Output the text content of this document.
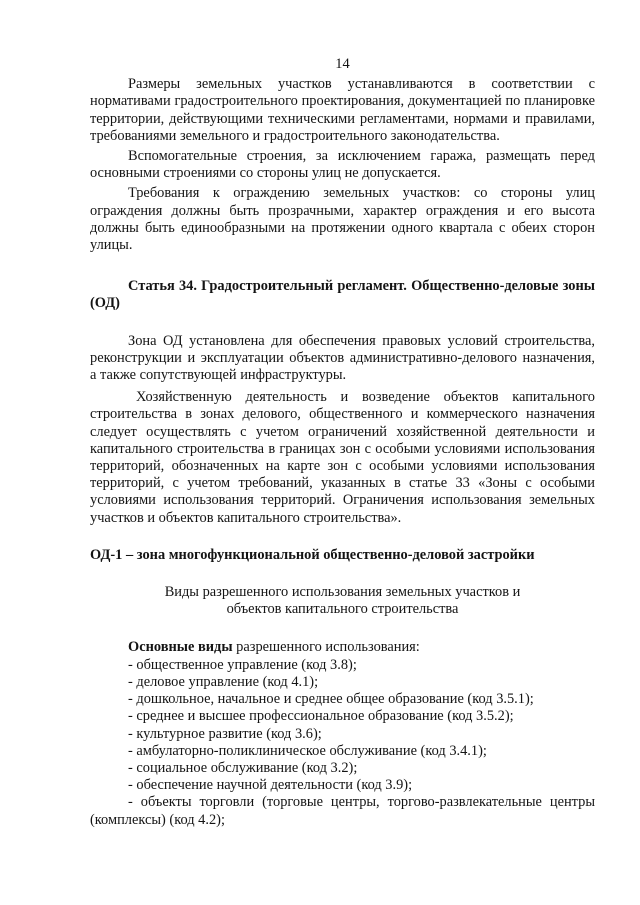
14

Размеры земельных участков устанавливаются в соответствии с нормативами градостроительного проектирования, документацией по планировке территории, действующими техническими регламентами, нормами и правилами, требованиями земельного и градостроительного законодательства.

Вспомогательные строения, за исключением гаража, размещать перед основными строениями со стороны улиц не допускается.

Требования к ограждению земельных участков: со стороны улиц ограждения должны быть прозрачными, характер ограждения и его высота должны быть единообразными на протяжении одного квартала с обеих сторон улицы.

Статья 34. Градостроительный регламент. Общественно-деловые зоны (ОД)

Зона ОД установлена для обеспечения правовых условий строительства, реконструкции и эксплуатации объектов административно-делового назначения, а также сопутствующей инфраструктуры.

Хозяйственную деятельность и возведение объектов капитального строительства в зонах делового, общественного и коммерческого назначения следует осуществлять с учетом ограничений хозяйственной деятельности и капитального строительства в границах зон с особыми условиями использования территорий, обозначенных на карте зон с особыми условиями использования территорий, с учетом требований, указанных в статье 33 «Зоны с особыми условиями использования территорий. Ограничения использования земельных участков и объектов капитального строительства».

ОД-1 – зона многофункциональной общественно-деловой застройки
Виды разрешенного использования земельных участков и
объектов капитального строительства
Основные виды разрешенного использования:
- общественное управление (код 3.8);
- деловое управление (код 4.1);
- дошкольное, начальное и среднее общее образование (код 3.5.1);
- среднее и высшее профессиональное образование (код 3.5.2);
- культурное развитие (код 3.6);
- амбулаторно-поликлиническое обслуживание (код 3.4.1);
- социальное обслуживание (код 3.2);
- обеспечение научной деятельности (код 3.9);
- объекты торговли (торговые центры, торгово-развлекательные центры (комплексы) (код 4.2);
